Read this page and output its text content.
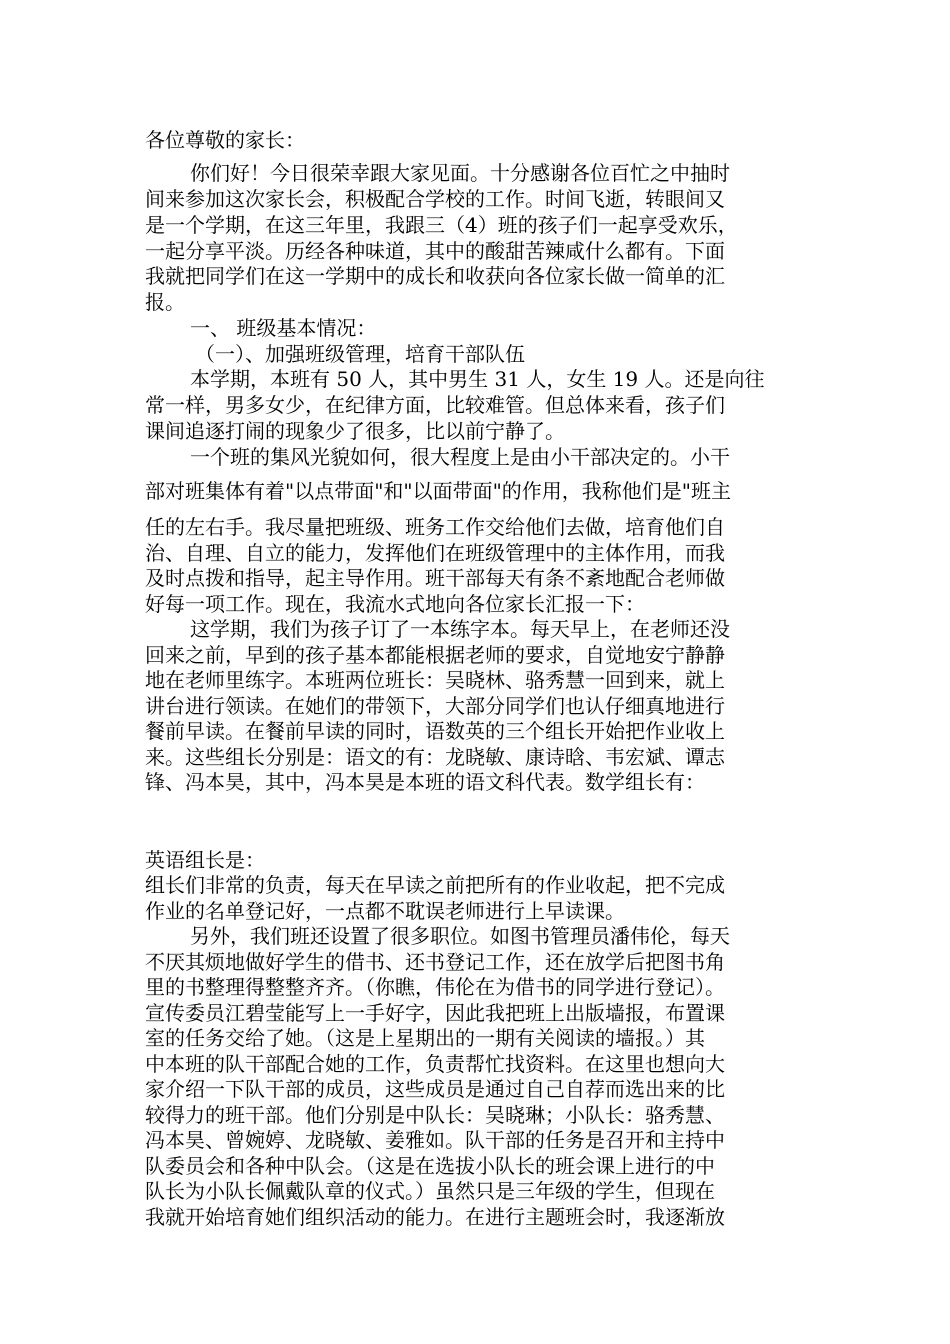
各位尊敬的家长：
你们好！今日很荣幸跟大家见面。十分感谢各位百忙之中抽时
间来参加这次家长会，积极配合学校的工作。时间飞逝，转眼间又
是一个学期，在这三年里，我跟三（4）班的孩子们一起享受欢乐，
一起分享平淡。历经各种味道，其中的酸甜苦辣咸什么都有。下面
我就把同学们在这一学期中的成长和收获向各位家长做一简单的汇
报。
一、 班级基本情况：
（一）、加强班级管理，培育干部队伍
本学期，本班有 50 人，其中男生 31 人，女生 19 人。还是向往
常一样，男多女少，在纪律方面，比较难管。但总体来看，孩子们
课间追逐打闹的现象少了很多，比以前宁静了。
一个班的集风光貌如何，很大程度上是由小干部决定的。小干
部对班集体有着"以点带面"和"以面带面"的作用，我称他们是"班主
任的左右手。我尽量把班级、班务工作交给他们去做，培育他们自
治、自理、自立的能力，发挥他们在班级管理中的主体作用，而我
及时点拨和指导，起主导作用。班干部每天有条不紊地配合老师做
好每一项工作。现在，我流水式地向各位家长汇报一下：
这学期，我们为孩子订了一本练字本。每天早上，在老师还没
回来之前，早到的孩子基本都能根据老师的要求，自觉地安宁静静
地在老师里练字。本班两位班长：吴晓林、骆秀慧一回到来，就上
讲台进行领读。在她们的带领下，大部分同学们也认仔细真地进行
餐前早读。在餐前早读的同时，语数英的三个组长开始把作业收上
来。这些组长分别是：语文的有：龙晓敏、康诗晗、韦宏斌、谭志
锋、冯本昊，其中，冯本昊是本班的语文科代表。数学组长有：
英语组长是：
组长们非常的负责，每天在早读之前把所有的作业收起，把不完成
作业的名单登记好，一点都不耽误老师进行上早读课。
另外，我们班还设置了很多职位。如图书管理员潘伟伦，每天
不厌其烦地做好学生的借书、还书登记工作，还在放学后把图书角
里的书整理得整整齐齐。（你瞧，伟伦在为借书的同学进行登记）。
宣传委员江碧莹能写上一手好字，因此我把班上出版墙报，布置课
室的任务交给了她。（这是上星期出的一期有关阅读的墙报。）其
中本班的队干部配合她的工作，负责帮忙找资料。在这里也想向大
家介绍一下队干部的成员，这些成员是通过自己自荐而选出来的比
较得力的班干部。他们分别是中队长：吴晓琳；小队长：骆秀慧、
冯本昊、曾婉婷、龙晓敏、姜雅如。队干部的任务是召开和主持中
队委员会和各种中队会。（这是在选拔小队长的班会课上进行的中
队长为小队长佩戴队章的仪式。）虽然只是三年级的学生，但现在
我就开始培育她们组织活动的能力。在进行主题班会时，我逐渐放
